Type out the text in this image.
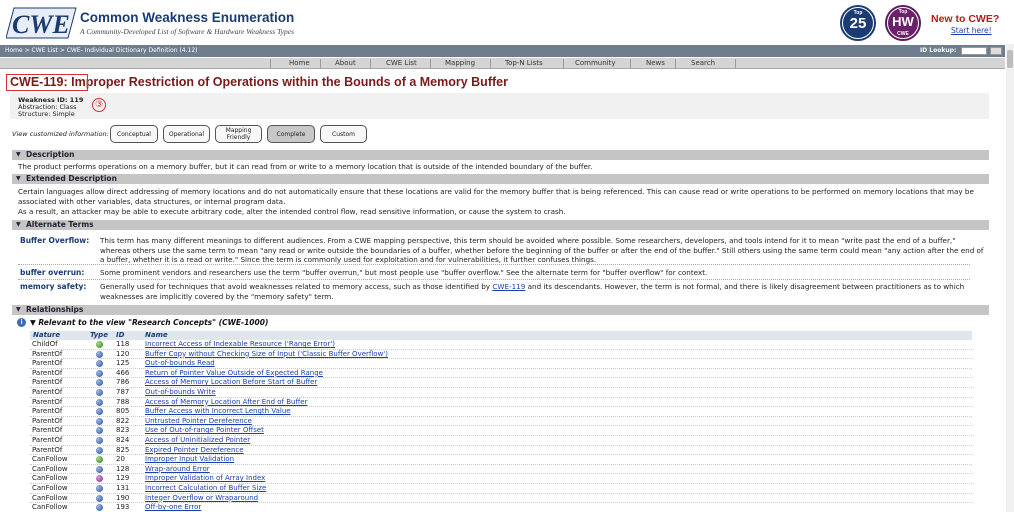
CWE Common Weakness Enumeration
A Community-Developed List of Software & Hardware Weakness Types
Top
25
Top
HW
CWE
New to CWE?
Start here!
Home > CWE List > CWE- Individual Dictionary Definition (4.12)	ID Lookup:
Home	About	CWE List	Mapping	Top-N Lists	Community	News	Search
CWE-119: Improper Restriction of Operations within the Bounds of a Memory Buffer
Weakness ID: 119
Abstraction: Class
Structure: Simple
③
View customized information:	Conceptual	Operational	Mapping
Friendly	Complete	Custom
▼ Description
The product performs operations on a memory buffer, but it can read from or write to a memory location that is outside of the intended boundary of the buffer.
▼ Extended Description
Certain languages allow direct addressing of memory locations and do not automatically ensure that these locations are valid for the memory buffer that is being referenced. This can cause read or write operations to be performed on memory locations that may be associated with other variables, data structures, or internal program data.
As a result, an attacker may be able to execute arbitrary code, alter the intended control flow, read sensitive information, or cause the system to crash.
▼ Alternate Terms
Buffer Overflow: This term has many different meanings to different audiences. From a CWE mapping perspective, this term should be avoided where possible. Some researchers, developers, and tools intend for it to mean "write past the end of a buffer," whereas others use the same term to mean "any read or write outside the boundaries of a buffer, whether before the beginning of the buffer or after the end of the buffer." Still others using the same term could mean "any action after the end of a buffer, whether it is a read or write." Since the term is commonly used for exploitation and for vulnerabilities, it further confuses things.
buffer overrun: Some prominent vendors and researchers use the term "buffer overrun," but most people use "buffer overflow." See the alternate term for "buffer overflow" for context.
memory safety: Generally used for techniques that avoid weaknesses related to memory access, such as those identified by CWE-119 and its descendants. However, the term is not formal, and there is likely disagreement between practitioners as to which weaknesses are implicitly covered by the "memory safety" term.
▼ Relationships
i ▼ Relevant to the view "Research Concepts" (CWE-1000)
Nature	Type ID	Name
ChildOf	118 Incorrect Access of Indexable Resource ('Range Error')
ParentOf	120 Buffer Copy without Checking Size of Input ('Classic Buffer Overflow')
ParentOf	125 Out-of-bounds Read
ParentOf	466 Return of Pointer Value Outside of Expected Range
ParentOf	786 Access of Memory Location Before Start of Buffer
ParentOf	787 Out-of-bounds Write
ParentOf	788 Access of Memory Location After End of Buffer
ParentOf	805 Buffer Access with Incorrect Length Value
ParentOf	822 Untrusted Pointer Dereference
ParentOf	823 Use of Out-of-range Pointer Offset
ParentOf	824 Access of Uninitialized Pointer
ParentOf	825 Expired Pointer Dereference
CanFollow	20	Improper Input Validation
CanFollow	128 Wrap-around Error
CanFollow	129 Improper Validation of Array Index
CanFollow	131 Incorrect Calculation of Buffer Size
CanFollow	190 Integer Overflow or Wraparound
CanFollow	193 Off-by-one Error
